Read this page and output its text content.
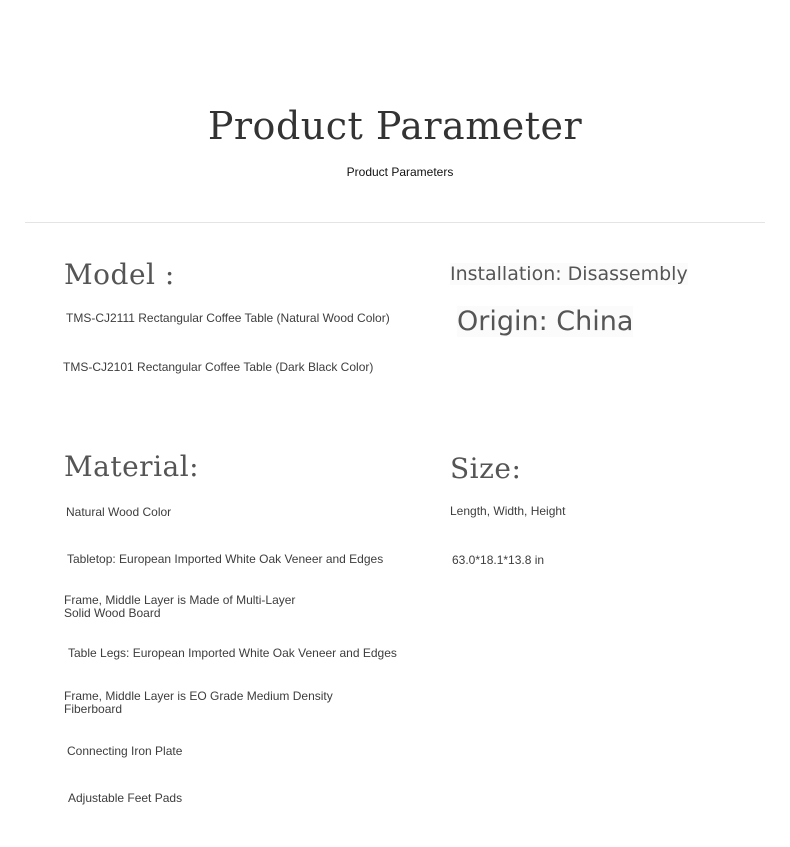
Product Parameter
Product Parameters
Model :
TMS-CJ2111 Rectangular Coffee Table (Natural Wood Color)
TMS-CJ2101 Rectangular Coffee Table (Dark Black Color)
Installation: Disassembly
Origin: China
Material:
Natural Wood Color
Tabletop: European Imported White Oak Veneer and Edges
Frame, Middle Layer is Made of Multi-Layer Solid Wood Board
Table Legs: European Imported White Oak Veneer and Edges
Frame, Middle Layer is EO Grade Medium Density Fiberboard
Connecting Iron Plate
Adjustable Feet Pads
Size:
Length, Width, Height
63.0*18.1*13.8 in
